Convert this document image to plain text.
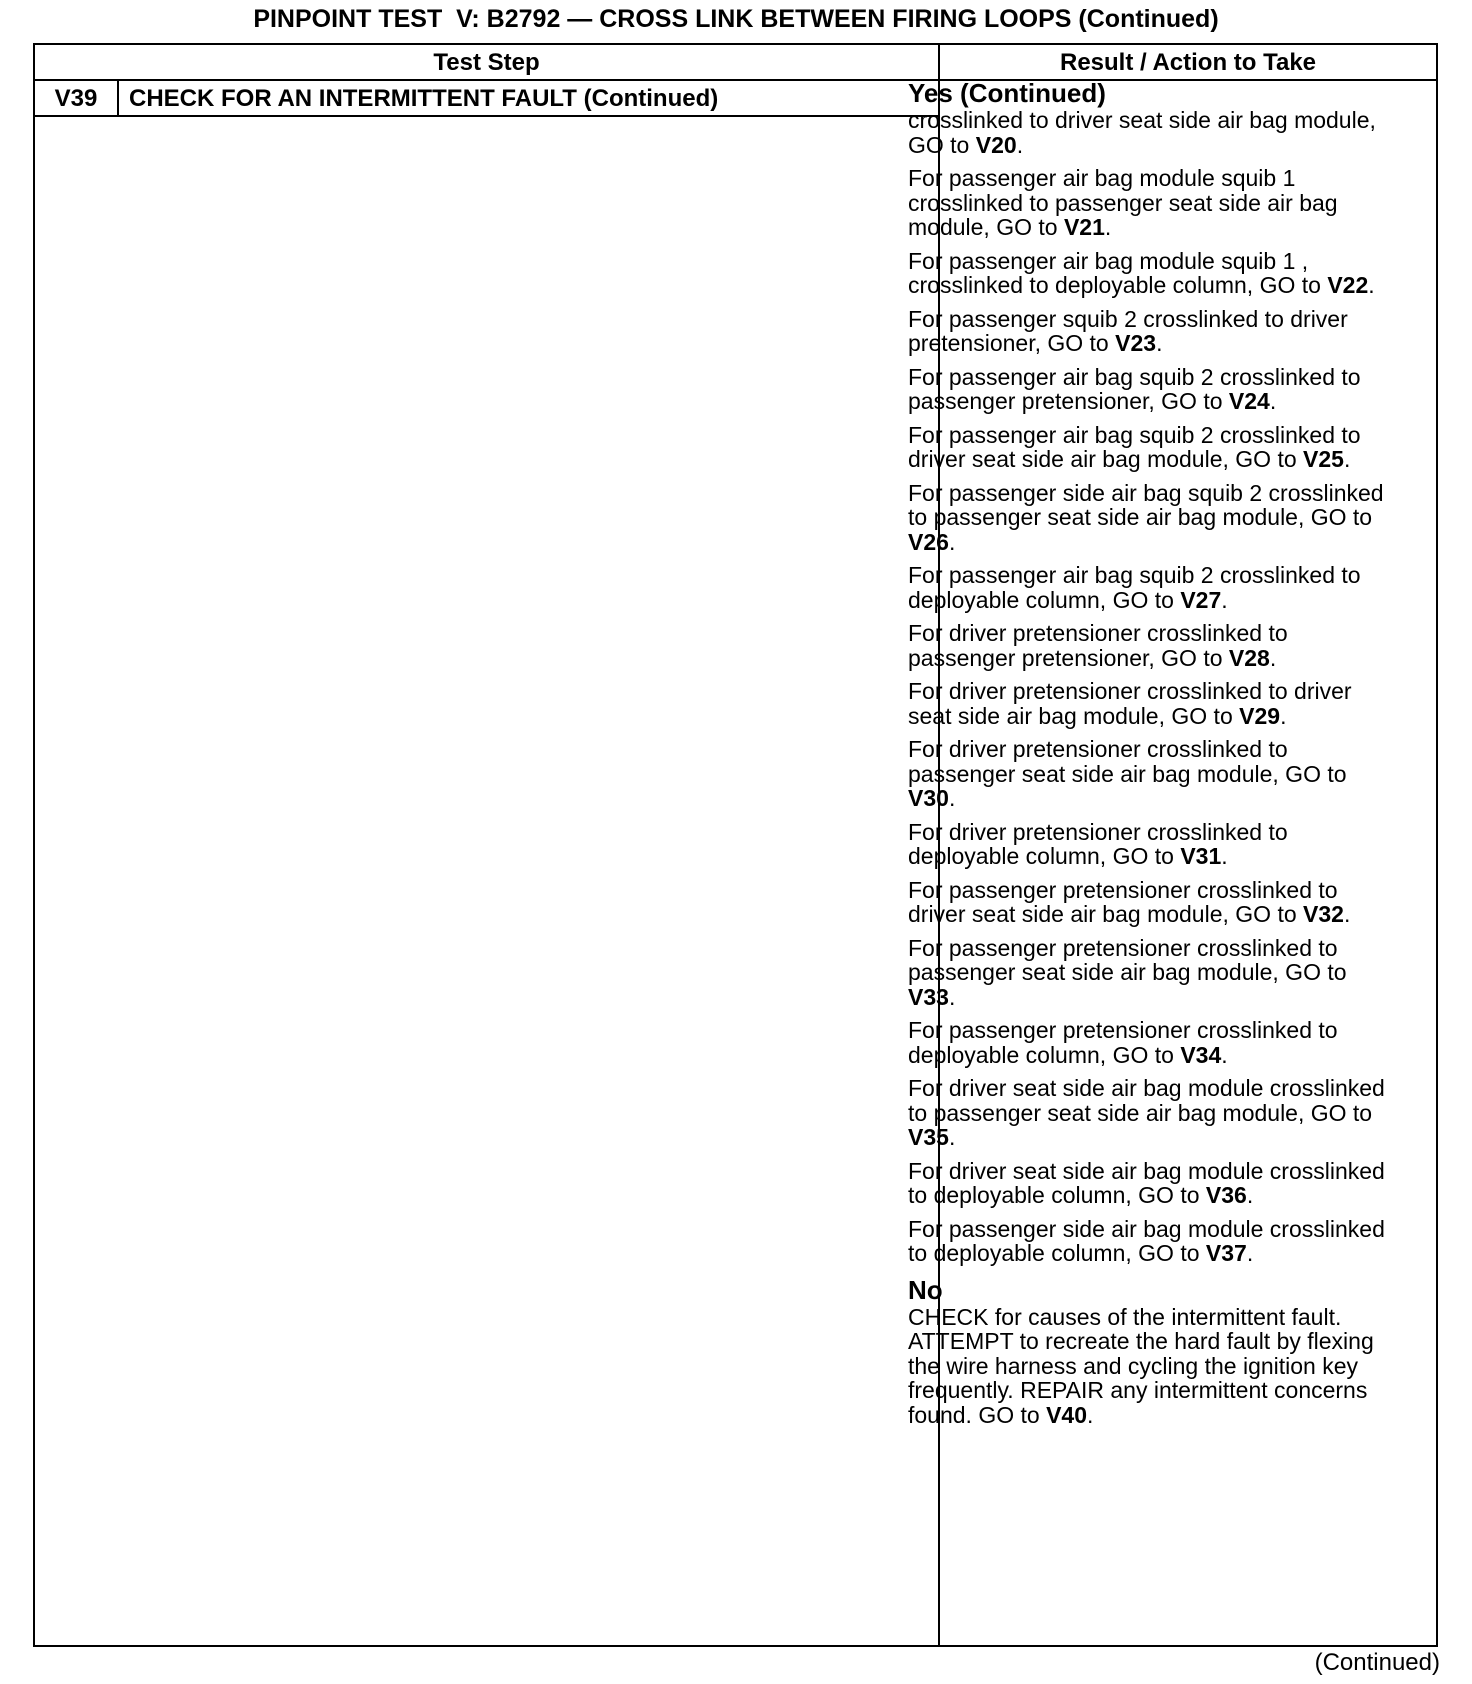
PINPOINT TEST  V: B2792 — CROSS LINK BETWEEN FIRING LOOPS (Continued)
Test Step	Result / Action to Take
V39	CHECK FOR AN INTERMITTENT FAULT (Continued)	Yes (Continued)

crosslinked to driver seat side air bag module, GO to V20.

For passenger air bag module squib 1 crosslinked to passenger seat side air bag module, GO to V21.

For passenger air bag module squib 1 , crosslinked to deployable column, GO to V22.

For passenger squib 2 crosslinked to driver pretensioner, GO to V23.

For passenger air bag squib 2 crosslinked to passenger pretensioner, GO to V24.

For passenger air bag squib 2 crosslinked to driver seat side air bag module, GO to V25.

For passenger side air bag squib 2 crosslinked to passenger seat side air bag module, GO to V26.

For passenger air bag squib 2 crosslinked to deployable column, GO to V27.

For driver pretensioner crosslinked to passenger pretensioner, GO to V28.

For driver pretensioner crosslinked to driver seat side air bag module, GO to V29.

For driver pretensioner crosslinked to passenger seat side air bag module, GO to V30.

For driver pretensioner crosslinked to deployable column, GO to V31.

For passenger pretensioner crosslinked to driver seat side air bag module, GO to V32.

For passenger pretensioner crosslinked to passenger seat side air bag module, GO to V33.

For passenger pretensioner crosslinked to deployable column, GO to V34.

For driver seat side air bag module crosslinked to passenger seat side air bag module, GO to V35.

For driver seat side air bag module crosslinked to deployable column, GO to V36.

For passenger side air bag module crosslinked to deployable column, GO to V37.

No

CHECK for causes of the intermittent fault. ATTEMPT to recreate the hard fault by flexing the wire harness and cycling the ignition key frequently. REPAIR any intermittent concerns found. GO to V40.

(Continued)
